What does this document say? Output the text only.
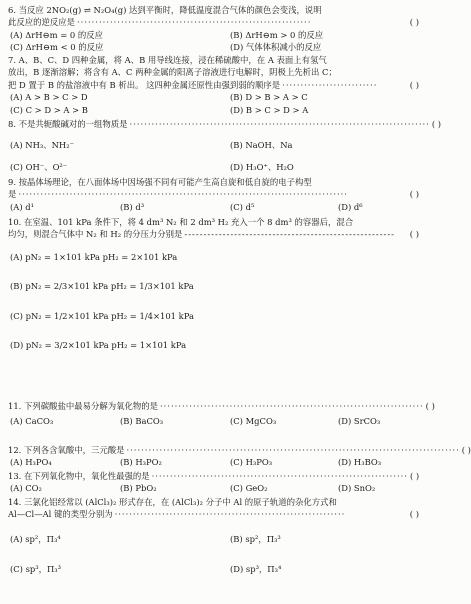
6. 当反应 2NO₂(g) ⇌ N₂O₄(g) 达到平衡时，降低温度混合气体的颜色会变浅，说明
此反应的逆反应是 ································································	( )
(A) ΔrH⊖m = 0 的反应	(B) ΔrH⊖m > 0 的反应
(C) ΔrH⊖m < 0 的反应	(D) 气体体积减小的反应
7. A、B、C、D 四种金属，将 A、B 用导线连接，浸在稀硫酸中，在 A 表面上有氢气
放出，B 逐渐溶解；将含有 A、C 两种金属的阳离子溶液进行电解时，阴极上先析出 C；
把 D 置于 B 的盐溶液中有 B 析出。 这四种金属还原性由强到弱的顺序是 ··························	( )
(A) A > B > C > D	(B) D > B > A > C
(C) C > D > A > B	(D) B > C > D > A
8. 不是共轭酸碱对的一组物质是 ·················································································· ( )
(A) NH₃、NH₂⁻	(B) NaOH、Na
(C) OH⁻、O²⁻	(D) H₃O⁺、H₂O
9. 按晶体场理论，在八面体场中因场强不同有可能产生高自旋和低自旋的电子构型
是 ··························································································	( )
(A) d¹	(B) d³	(C) d⁵	(D) d⁶
10. 在室温、101 kPa 条件下，将 4 dm³ N₂ 和 2 dm³ H₂ 充入一个 8 dm³ 的容器后，混合
均匀，则混合气体中 N₂ 和 H₂ 的分压力分别是 -------------------------------------------------------	( )
(A) pN₂ = 1×101 kPa pH₂ = 2×101 kPa
(B) pN₂ = 2/3×101 kPa pH₂ = 1/3×101 kPa
(C) pN₂ = 1/2×101 kPa pH₂ = 1/4×101 kPa
(D) pN₂ = 3/2×101 kPa pH₂ = 1×101 kPa
11. 下列碳酸盐中最易分解为氧化物的是 ········································································ ( )
(A) CaCO₃	(B) BaCO₃	(C) MgCO₃	(D) SrCO₃
12. 下列各含氧酸中，三元酸是 ··························································································· ( )
(A) H₃PO₄	(B) H₃PO₂	(C) H₃PO₃	(D) H₃BO₃
13. 在下列氧化物中，氧化性最强的是 ······································································ ( )
(A) CO₂	(B) PbO₂	(C) GeO₂	(D) SnO₂
14. 三氯化铝经常以 (AlCl₃)₂ 形式存在，在 (AlCl₃)₂ 分子中 Al 的原子轨道的杂化方式和
Al—Cl—Al 键的类型分别为 ·······························································	( )
(A) sp²，Π₃⁴	(B) sp²，Π₃³
(C) sp³，Π₃³	(D) sp³，Π₃⁴
